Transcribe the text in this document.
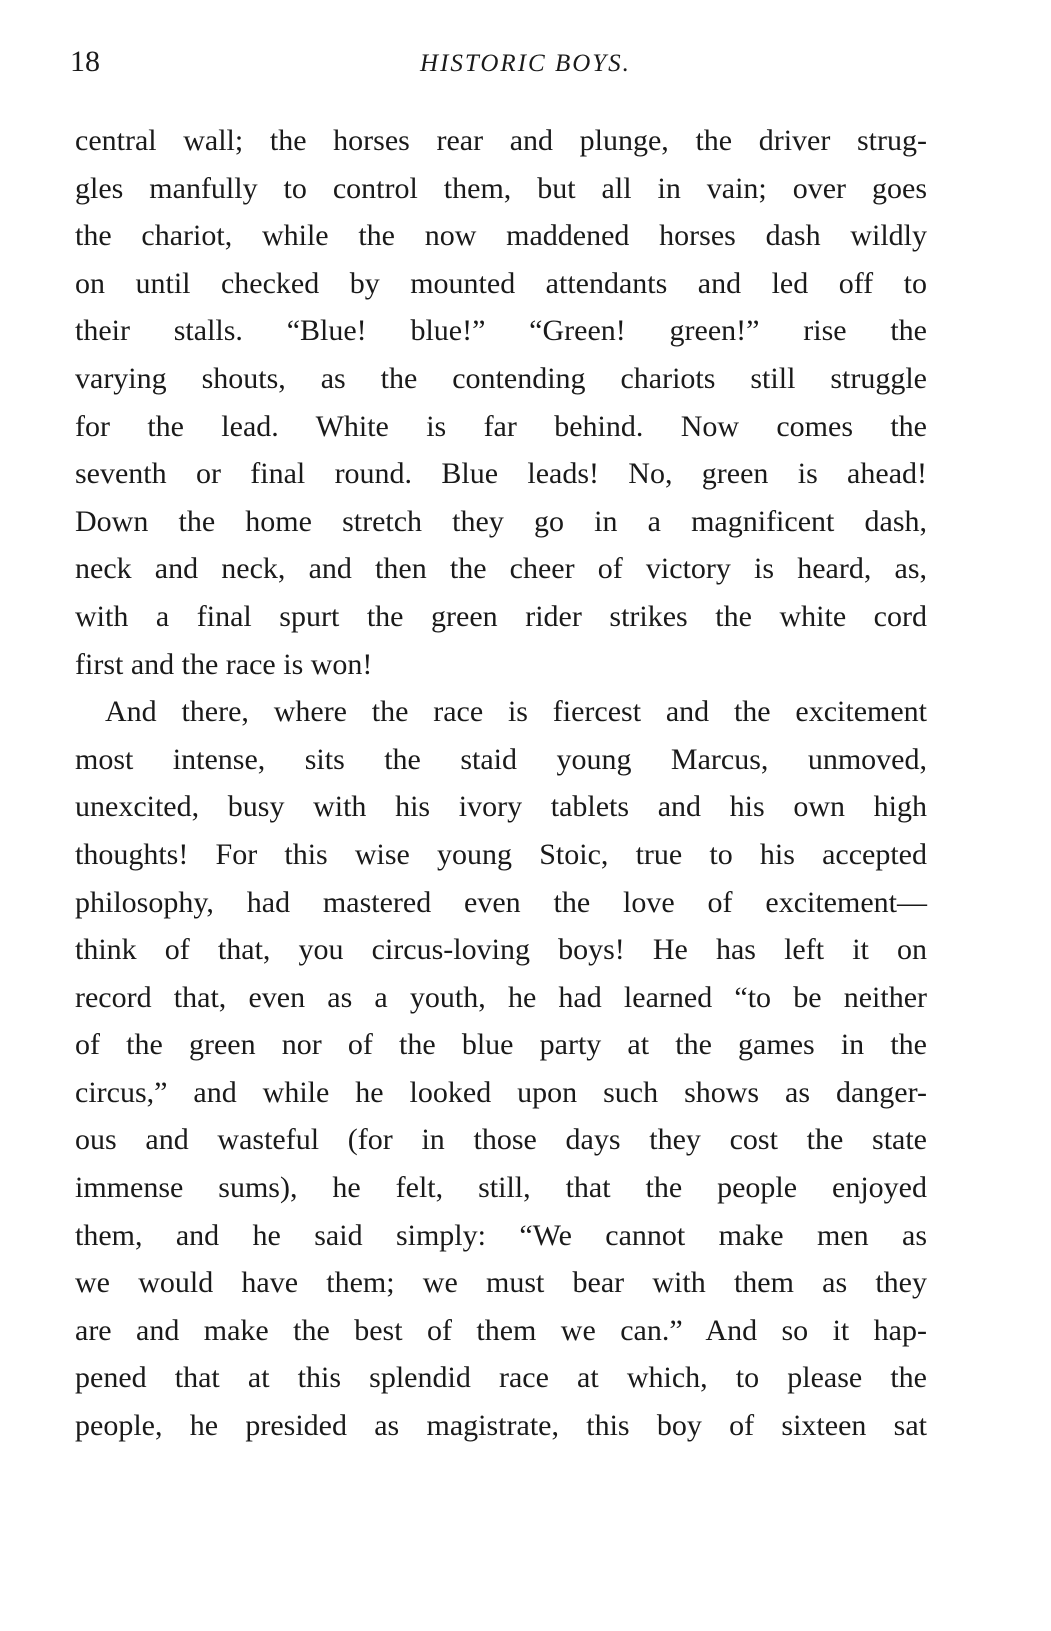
18	HISTORIC BOYS.
central wall; the horses rear and plunge, the driver strug-
gles manfully to control them, but all in vain; over goes
the chariot, while the now maddened horses dash wildly
on until checked by mounted attendants and led off to
their stalls. “Blue! blue!” “Green! green!” rise the
varying shouts, as the contending chariots still struggle
for the lead. White is far behind. Now comes the
seventh or final round. Blue leads! No, green is ahead!
Down the home stretch they go in a magnificent dash,
neck and neck, and then the cheer of victory is heard, as,
with a final spurt the green rider strikes the white cord
first and the race is won!
And there, where the race is fiercest and the excitement
most intense, sits the staid young Marcus, unmoved,
unexcited, busy with his ivory tablets and his own high
thoughts! For this wise young Stoic, true to his accepted
philosophy, had mastered even the love of excitement—
think of that, you circus-loving boys! He has left it on
record that, even as a youth, he had learned “to be neither
of the green nor of the blue party at the games in the
circus,” and while he looked upon such shows as danger-
ous and wasteful (for in those days they cost the state
immense sums), he felt, still, that the people enjoyed
them, and he said simply: “We cannot make men as
we would have them; we must bear with them as they
are and make the best of them we can.” And so it hap-
pened that at this splendid race at which, to please the
people, he presided as magistrate, this boy of sixteen sat
